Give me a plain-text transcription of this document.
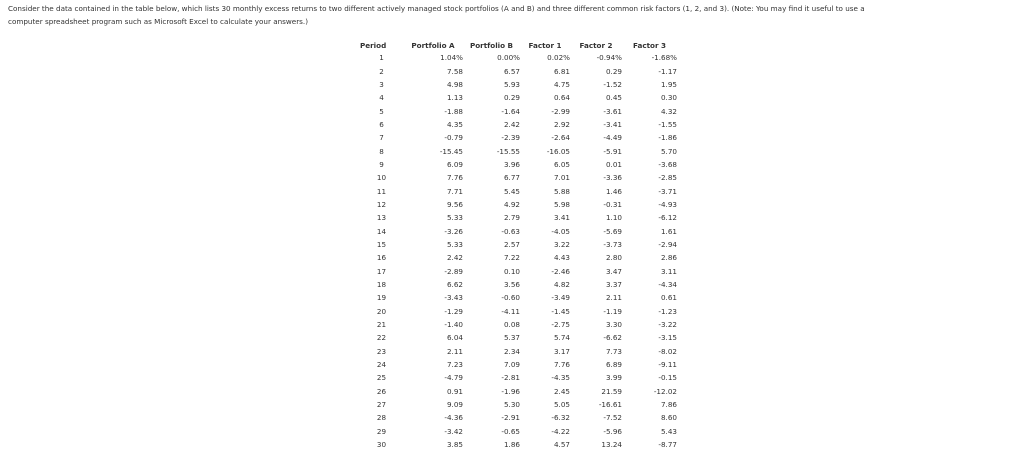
Consider the data contained in the table below, which lists 30 monthly excess returns to two different actively managed stock portfolios (A and B) and three different common risk factors (1, 2, and 3). (Note: You may find it useful to use a
computer spreadsheet program such as Microsoft Excel to calculate your answers.)
Period	Portfolio A	Portfolio B	Factor 1	Factor 2	Factor 3
1	1.04%	0.00%	0.02%	-0.94%	-1.68%
2	7.58	6.57	6.81	0.29	-1.17
3	4.98	5.93	4.75	-1.52	1.95
4	1.13	0.29	0.64	0.45	0.30
5	-1.88	-1.64	-2.99	-3.61	4.32
6	4.35	2.42	2.92	-3.41	-1.55
7	-0.79	-2.39	-2.64	-4.49	-1.86
8	-15.45	-15.55	-16.05	-5.91	5.70
9	6.09	3.96	6.05	0.01	-3.68
10	7.76	6.77	7.01	-3.36	-2.85
11	7.71	5.45	5.88	1.46	-3.71
12	9.56	4.92	5.98	-0.31	-4.93
13	5.33	2.79	3.41	1.10	-6.12
14	-3.26	-0.63	-4.05	-5.69	1.61
15	5.33	2.57	3.22	-3.73	-2.94
16	2.42	7.22	4.43	2.80	2.86
17	-2.89	0.10	-2.46	3.47	3.11
18	6.62	3.56	4.82	3.37	-4.34
19	-3.43	-0.60	-3.49	2.11	0.61
20	-1.29	-4.11	-1.45	-1.19	-1.23
21	-1.40	0.08	-2.75	3.30	-3.22
22	6.04	5.37	5.74	-6.62	-3.15
23	2.11	2.34	3.17	7.73	-8.02
24	7.23	7.09	7.76	6.89	-9.11
25	-4.79	-2.81	-4.35	3.99	-0.15
26	0.91	-1.96	2.45	21.59	-12.02
27	9.09	5.30	5.05	-16.61	7.86
28	-4.36	-2.91	-6.32	-7.52	8.60
29	-3.42	-0.65	-4.22	-5.96	5.43
30	3.85	1.86	4.57	13.24	-8.77
